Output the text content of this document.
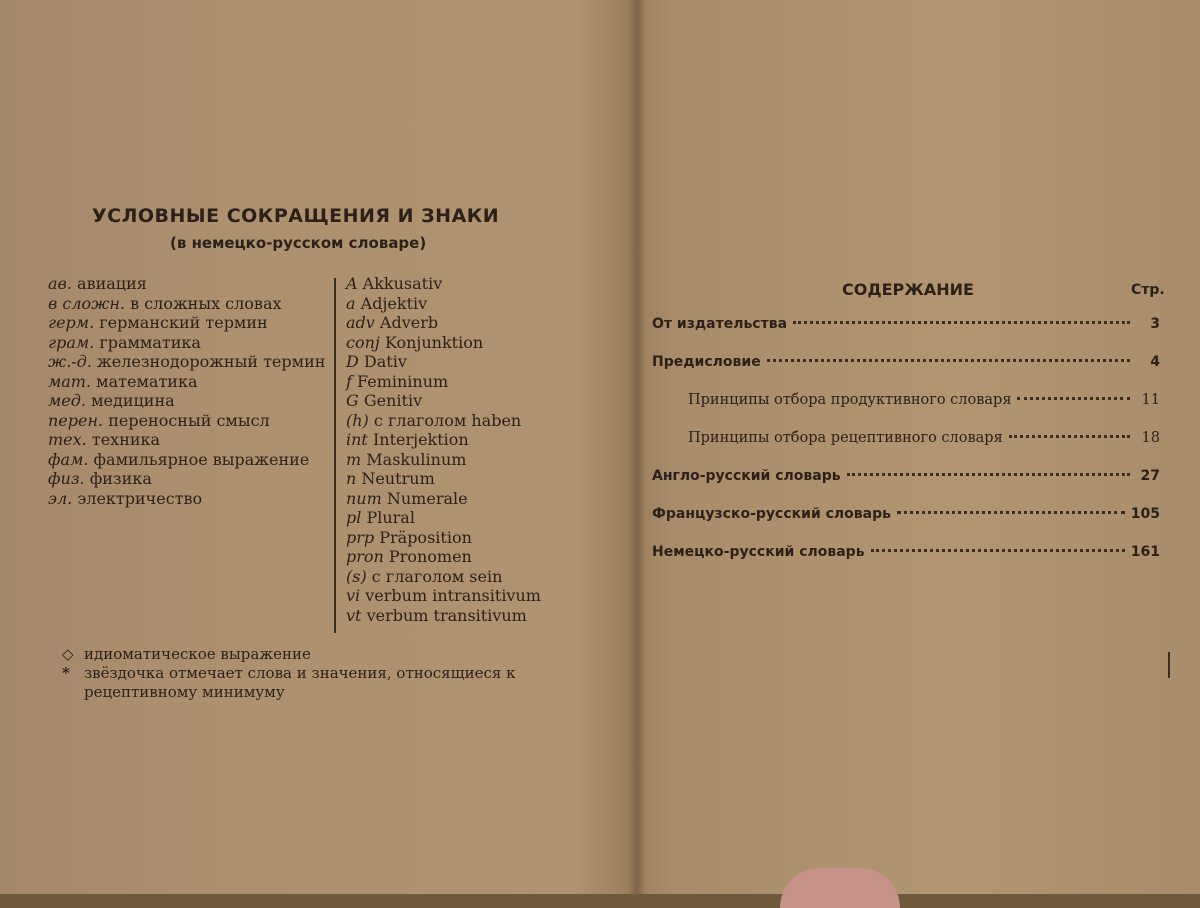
УСЛОВНЫЕ СОКРАЩЕНИЯ И ЗНАКИ
(в немецко-русском словаре)
ав. авиация
в сложн. в сложных словах
герм. германский термин
грам. грамматика
ж.-д. железнодорожный термин
мат. математика
мед. медицина
перен. переносный смысл
тех. техника
фам. фамильярное выражение
физ. физика
эл. электричество
A Akkusativ
a Adjektiv
adv Adverb
conj Konjunktion
D Dativ
f Femininum
G Genitiv
(h) с глаголом haben
int Interjektion
m Maskulinum
n Neutrum
num Numerale
pl Plural
prp Präposition
pron Pronomen
(s) с глаголом sein
vi verbum intransitivum
vt verbum transitivum
◇ идиоматическое выражение
* звёздочка отмечает слова и значения, относящиеся к рецептивному минимуму
СОДЕРЖАНИЕ	Стр.
От издательства	3
Предисловие	4
Принципы отбора продуктивного словаря	11
Принципы отбора рецептивного словаря	18
Англо-русский словарь	27
Французско-русский словарь	105
Немецко-русский словарь	161
